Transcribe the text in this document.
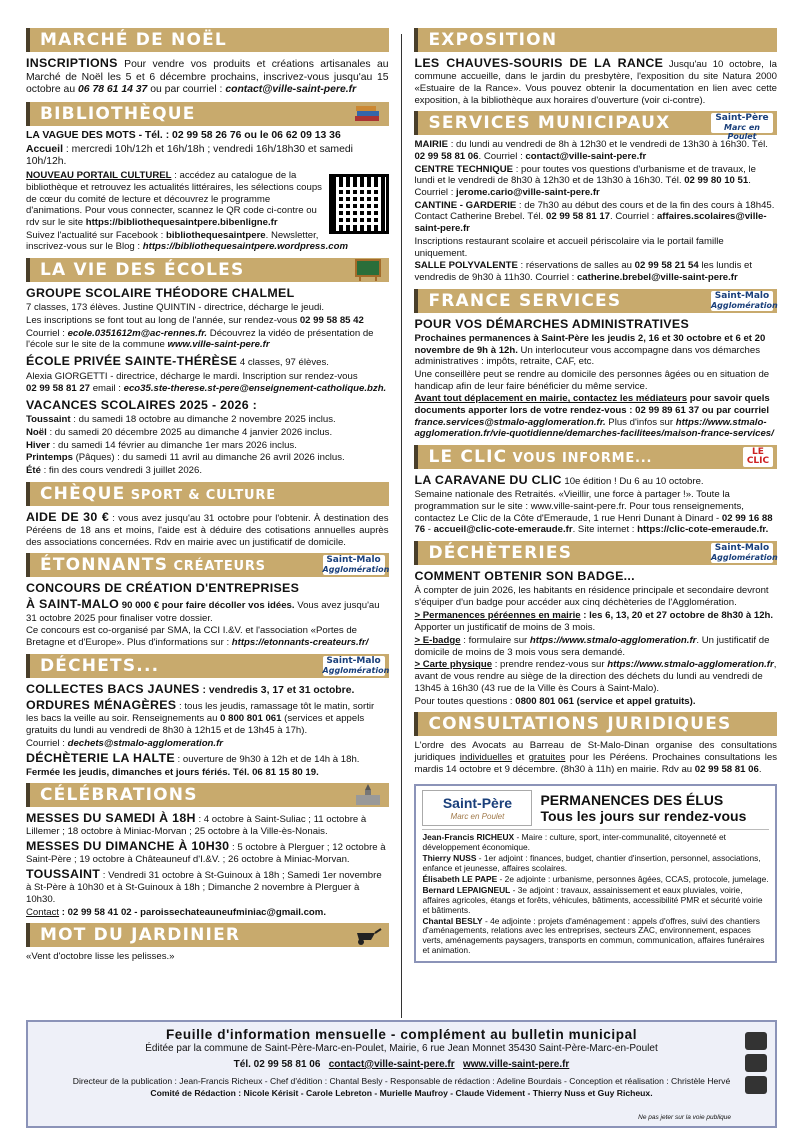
MARCHÉ DE NOËL

INSCRIPTIONS Pour vendre vos produits et créations artisanales au Marché de Noël les 5 et 6 décembre prochains, inscrivez-vous jusqu'au 15 octobre au 06 78 61 14 37 ou par courriel : contact@ville-saint-pere.fr

BIBLIOTHÈQUE

LA VAGUE DES MOTS - Tél. : 02 99 58 26 76 ou le 06 62 09 13 36

Accueil : mercredi 10h/12h et 16h/18h ; vendredi 16h/18h30 et samedi 10h/12h.

NOUVEAU PORTAIL CULTUREL : accédez au catalogue de la bibliothèque et retrouvez les actualités littéraires, les sélections coups de cœur du comité de lecture et découvrez le programme d'animations. Pour vous connecter, scannez le QR code ci-contre ou rdv sur le site https://bibliothequesaintpere.bibenligne.fr

Suivez l'actualité sur Facebook : bibliothequesaintpere. Newsletter, inscrivez-vous sur le Blog : https://bibliothequesaintpere.wordpress.com

LA VIE DES ÉCOLES

GROUPE SCOLAIRE THÉODORE CHALMEL

7 classes, 173 élèves. Justine QUINTIN - directrice, décharge le jeudi.

Les inscriptions se font tout au long de l'année, sur rendez-vous 02 99 58 85 42

Courriel : ecole.0351612m@ac-rennes.fr. Découvrez la vidéo de présentation de l'école sur le site de la commune www.ville-saint-pere.fr

ÉCOLE PRIVÉE SAINTE-THÉRÈSE 4 classes, 97 élèves.

Alexia GIORGETTI - directrice, décharge le mardi. Inscription sur rendez-vous

02 99 58 81 27 email : eco35.ste-therese.st-pere@enseignement-catholique.bzh.

VACANCES SCOLAIRES 2025 - 2026 :

Toussaint : du samedi 18 octobre au dimanche 2 novembre 2025 inclus.

Noël : du samedi 20 décembre 2025 au dimanche 4 janvier 2026 inclus.

Hiver : du samedi 14 février au dimanche 1er mars 2026 inclus.

Printemps (Pâques) : du samedi 11 avril au dimanche 26 avril 2026 inclus.

Été : fin des cours vendredi 3 juillet 2026.

CHÈQUE SPORT & CULTURE

AIDE DE 30 € : vous avez jusqu'au 31 octobre pour l'obtenir. À destination des Péréens de 18 ans et moins, l'aide est à déduire des cotisations annuelles auprès des associations concernées. Rdv en mairie avec un justificatif de domicile.

ÉTONNANTS CRÉATEURS	Saint-Malo
Agglomération

CONCOURS DE CRÉATION D'ENTREPRISES

À SAINT-MALO 90 000 € pour faire décoller vos idées. Vous avez jusqu'au 31 octobre 2025 pour finaliser votre dossier.

Ce concours est co-organisé par SMA, la CCI I.&V. et l'association «Portes de Bretagne et d'Europe». Plus d'informations sur : https://etonnants-createurs.fr/

DÉCHETS...	Saint-Malo
Agglomération

COLLECTES BACS JAUNES : vendredis 3, 17 et 31 octobre.

ORDURES MÉNAGÈRES : tous les jeudis, ramassage tôt le matin, sortir les bacs la veille au soir. Renseignements au 0 800 801 061 (services et appels gratuits du lundi au vendredi de 8h30 à 12h15 et de 13h45 à 17h).

Courriel : dechets@stmalo-agglomeration.fr

DÉCHÈTERIE LA HALTE : ouverture de 9h30 à 12h et de 14h à 18h.

Fermée les jeudis, dimanches et jours fériés. Tél. 06 81 15 80 19.

CÉLÉBRATIONS

MESSES DU SAMEDI À 18H : 4 octobre à Saint-Suliac ; 11 octobre à Lillemer ; 18 octobre à Miniac-Morvan ; 25 octobre à la Ville-ès-Nonais.

MESSES DU DIMANCHE À 10H30 : 5 octobre à Plerguer ; 12 octobre à Saint-Père ; 19 octobre à Châteauneuf d'I.&V. ; 26 octobre à Miniac-Morvan.

TOUSSAINT : Vendredi 31 octobre à St-Guinoux à 18h ; Samedi 1er novembre à St-Père à 10h30 et à St-Guinoux à 18h ; Dimanche 2 novembre à Plerguer à 10h30.

Contact : 02 99 58 41 02 - paroissechateauneufminiac@gmail.com.

MOT DU JARDINIER

«Vent d'octobre lisse les pelisses.»

EXPOSITION

LES CHAUVES-SOURIS DE LA RANCE Jusqu'au 10 octobre, la commune accueille, dans le jardin du presbytère, l'exposition du site Natura 2000 «Estuaire de la Rance». Vous pouvez obtenir la documentation en lien avec cette exposition, à la bibliothèque aux horaires d'ouverture (voir ci-contre).

SERVICES MUNICIPAUX	Saint-Père
Marc en Poulet

MAIRIE : du lundi au vendredi de 8h à 12h30 et le vendredi de 13h30 à 16h30. Tél. 02 99 58 81 06. Courriel : contact@ville-saint-pere.fr

CENTRE TECHNIQUE : pour toutes vos questions d'urbanisme et de travaux, le lundi et le vendredi de 8h30 à 12h30 et de 13h30 à 16h30. Tél. 02 99 80 10 51. Courriel : jerome.cario@ville-saint-pere.fr

CANTINE - GARDERIE : de 7h30 au début des cours et de la fin des cours à 18h45. Contact Catherine Brebel. Tél. 02 99 58 81 17. Courriel : affaires.scolaires@ville-saint-pere.fr

Inscriptions restaurant scolaire et accueil périscolaire via le portail famille uniquement.

SALLE POLYVALENTE : réservations de salles au 02 99 58 21 54 les lundis et vendredis de 9h30 à 11h30. Courriel : catherine.brebel@ville-saint-pere.fr

FRANCE SERVICES	Saint-Malo
Agglomération

POUR VOS DÉMARCHES ADMINISTRATIVES

Prochaines permanences à Saint-Père les jeudis 2, 16 et 30 octobre et 6 et 20 novembre de 9h à 12h. Un interlocuteur vous accompagne dans vos démarches administratives : impôts, retraite, CAF, etc.

Une conseillère peut se rendre au domicile des personnes âgées ou en situation de handicap afin de leur faire bénéficier du même service.

Avant tout déplacement en mairie, contactez les médiateurs pour savoir quels documents apporter lors de votre rendez-vous : 02 99 89 61 37 ou par courriel france.services@stmalo-agglomeration.fr. Plus d'infos sur https://www.stmalo-agglomeration.fr/vie-quotidienne/demarches-facilitees/maison-france-services/

LE CLIC VOUS INFORME...	LE CLIC

LA CARAVANE DU CLIC 10e édition ! Du 6 au 10 octobre.

Semaine nationale des Retraités. «Vieillir, une force à partager !». Toute la programmation sur le site : www.ville-saint-pere.fr. Pour tous renseignements, contactez Le Clic de la Côte d'Emeraude, 1 rue Henri Dunant à Dinard - 02 99 16 88 76 - accueil@clic-cote-emeraude.fr. Site internet : https://clic-cote-emeraude.fr.

DÉCHÈTERIES	Saint-Malo
Agglomération

COMMENT OBTENIR SON BADGE...

À compter de juin 2026, les habitants en résidence principale et secondaire devront s'équiper d'un badge pour accéder aux cinq déchèteries de l'Agglomération.

> Permanences péréennes en mairie : les 6, 13, 20 et 27 octobre de 8h30 à 12h.

Apporter un justificatif de moins de 3 mois.

> E-badge : formulaire sur https://www.stmalo-agglomeration.fr. Un justificatif de domicile de moins de 3 mois vous sera demandé.

> Carte physique : prendre rendez-vous sur https://www.stmalo-agglomeration.fr, avant de vous rendre au siège de la direction des déchets du lundi au vendredi de 13h45 à 16h30 (43 rue de la Ville ès Cours à Saint-Malo).

Pour toutes questions : 0800 801 061 (service et appel gratuits).

CONSULTATIONS JURIDIQUES

L'ordre des Avocats au Barreau de St-Malo-Dinan organise des consultations juridiques individuelles et gratuites pour les Péréens. Prochaines consultations les mardis 14 octobre et 9 décembre. (8h30 à 11h) en mairie. Rdv au 02 99 58 81 06.

Saint-Père
Marc en Poulet
PERMANENCES DES ÉLUS
Tous les jours sur rendez-vous

Jean-Francis RICHEUX - Maire : culture, sport, inter-communalité, citoyenneté et développement économique.

Thierry NUSS - 1er adjoint : finances, budget, chantier d'insertion, personnel, associations, enfance et jeunesse, affaires scolaires.

Élisabeth LE PAPE - 2e adjointe : urbanisme, personnes âgées, CCAS, protocole, jumelage.

Bernard LEPAIGNEUL - 3e adjoint : travaux, assainissement et eaux pluviales, voirie, affaires agricoles, étangs et forêts, véhicules, bâtiments, accessibilité PMR et sécurité voirie et bâtiments.

Chantal BESLY - 4e adjointe : projets d'aménagement : appels d'offres, suivi des chantiers d'aménagements, relations avec les entreprises, secteurs ZAC, environnement, espaces verts, aménagements paysagers, transports en commun, communication, affaires funéraires et animation.

Feuille d'information mensuelle - complément au bulletin municipal
Éditée par la commune de Saint-Père-Marc-en-Poulet, Mairie, 6 rue Jean Monnet 35430 Saint-Père-Marc-en-Poulet
Tél. 02 99 58 81 06 contact@ville-saint-pere.fr www.ville-saint-pere.fr
Directeur de la publication : Jean-Francis Richeux - Chef d'édition : Chantal Besly - Responsable de rédaction : Adeline Bourdais - Conception et réalisation : Christèle Hervé
Comité de Rédaction : Nicole Kérisit - Carole Lebreton - Murielle Maufroy - Claude Videment - Thierry Nuss et Guy Richeux.
Ne pas jeter sur la voie publique
